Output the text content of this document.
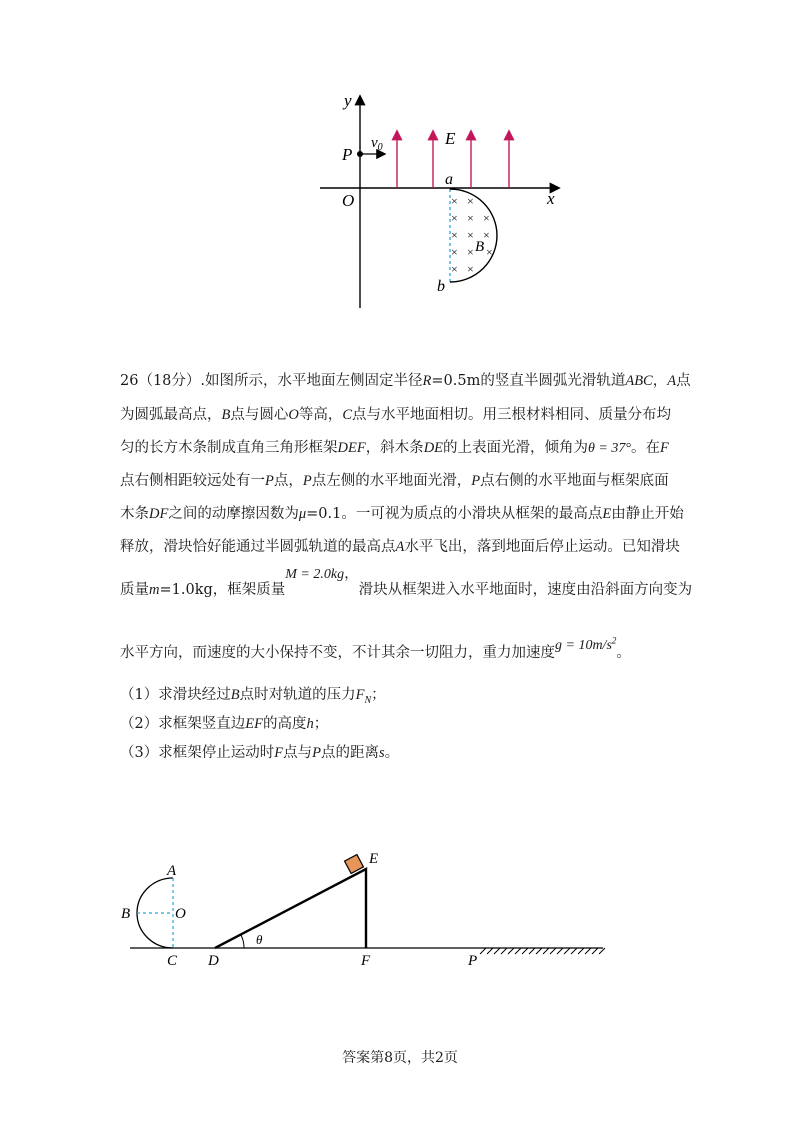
y
x
O
P
$v_0$	E
a
b
× ×
× × ×
× × ×
× × ×
× ×
B
26（18分）.如图所示，水平地面左侧固定半径R=0.5m的竖直半圆弧光滑轨道ABC，A点
为圆弧最高点，B点与圆心O等高，C点与水平地面相切。用三根材料相同、质量分布均
匀的长方木条制成直角三角形框架DEF，斜木条DE的上表面光滑，倾角为θ = 37°。在F
点右侧相距较远处有一P点，P点左侧的水平地面光滑，P点右侧的水平地面与框架底面
木条DF之间的动摩擦因数为μ=0.1。一可视为质点的小滑块从框架的最高点E由静止开始
释放，滑块恰好能通过半圆弧轨道的最高点A水平飞出，落到地面后停止运动。已知滑块
质量m=1.0kg，框架质量M = 2.0kg，滑块从框架进入水平地面时，速度由沿斜面方向变为
水平方向，而速度的大小保持不变，不计其余一切阻力，重力加速度$g = 10m/s^2$。
（1）求滑块经过B点时对轨道的压力$F_N$；
（2）求框架竖直边EF的高度h；
（3）求框架停止运动时F点与P点的距离s。
A
B	O
C
θ
D
E
F	P
答案第8页，共2页
